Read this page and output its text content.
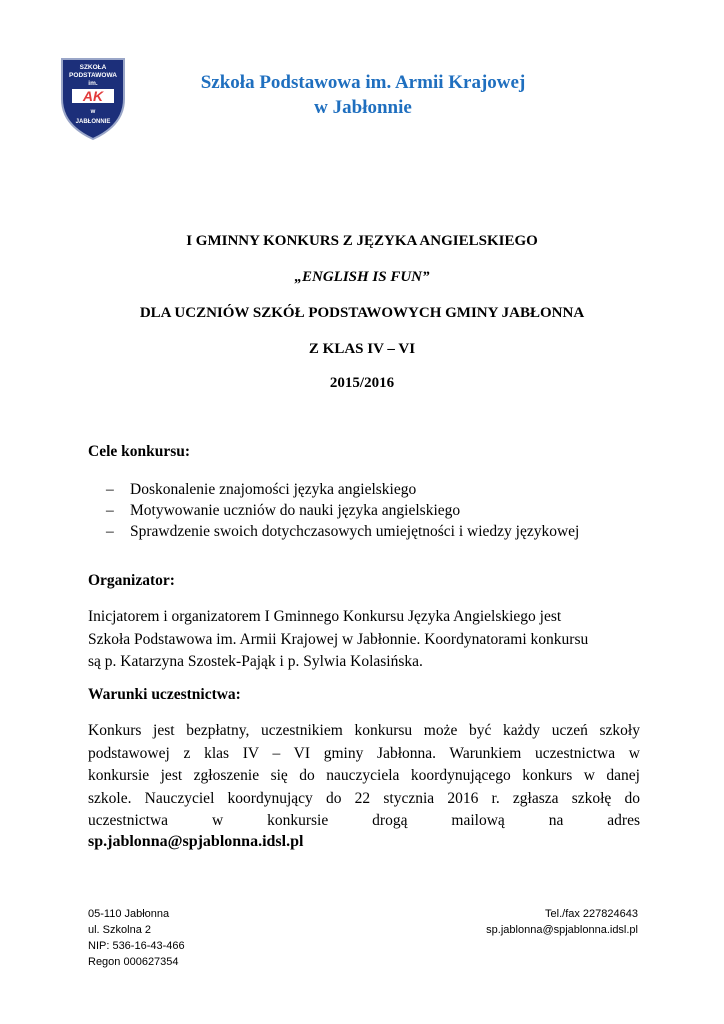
SZKOŁA
PODSTAWOWA
im.
AK
w
JABŁONNIE
Szkoła Podstawowa im. Armii Krajowej
w Jabłonnie
I GMINNY KONKURS Z JĘZYKA ANGIELSKIEGO
„ENGLISH IS FUN”
DLA UCZNIÓW SZKÓŁ PODSTAWOWYCH GMINY JABŁONNA
Z KLAS IV – VI
2015/2016
Cele konkursu:
– Doskonalenie znajomości języka angielskiego
– Motywowanie uczniów do nauki języka angielskiego
– Sprawdzenie swoich dotychczasowych umiejętności i wiedzy językowej
Organizator:
Inicjatorem i organizatorem I Gminnego Konkursu Języka Angielskiego jest
Szkoła Podstawowa im. Armii Krajowej w Jabłonnie. Koordynatorami konkursu
są p. Katarzyna Szostek-Pająk i p. Sylwia Kolasińska.
Warunki uczestnictwa:
Konkurs jest bezpłatny, uczestnikiem konkursu może być każdy uczeń szkoły
podstawowej z klas IV – VI gminy Jabłonna. Warunkiem uczestnictwa w
konkursie jest zgłoszenie się do nauczyciela koordynującego konkurs w danej
szkole. Nauczyciel koordynujący do 22 stycznia 2016 r. zgłasza szkołę do
uczestnictwa w konkursie drogą mailową na adres
sp.jablonna@spjablonna.idsl.pl
05-110 Jabłonna
ul. Szkolna 2
NIP: 536-16-43-466
Regon 000627354
Tel./fax 227824643
sp.jablonna@spjablonna.idsl.pl
